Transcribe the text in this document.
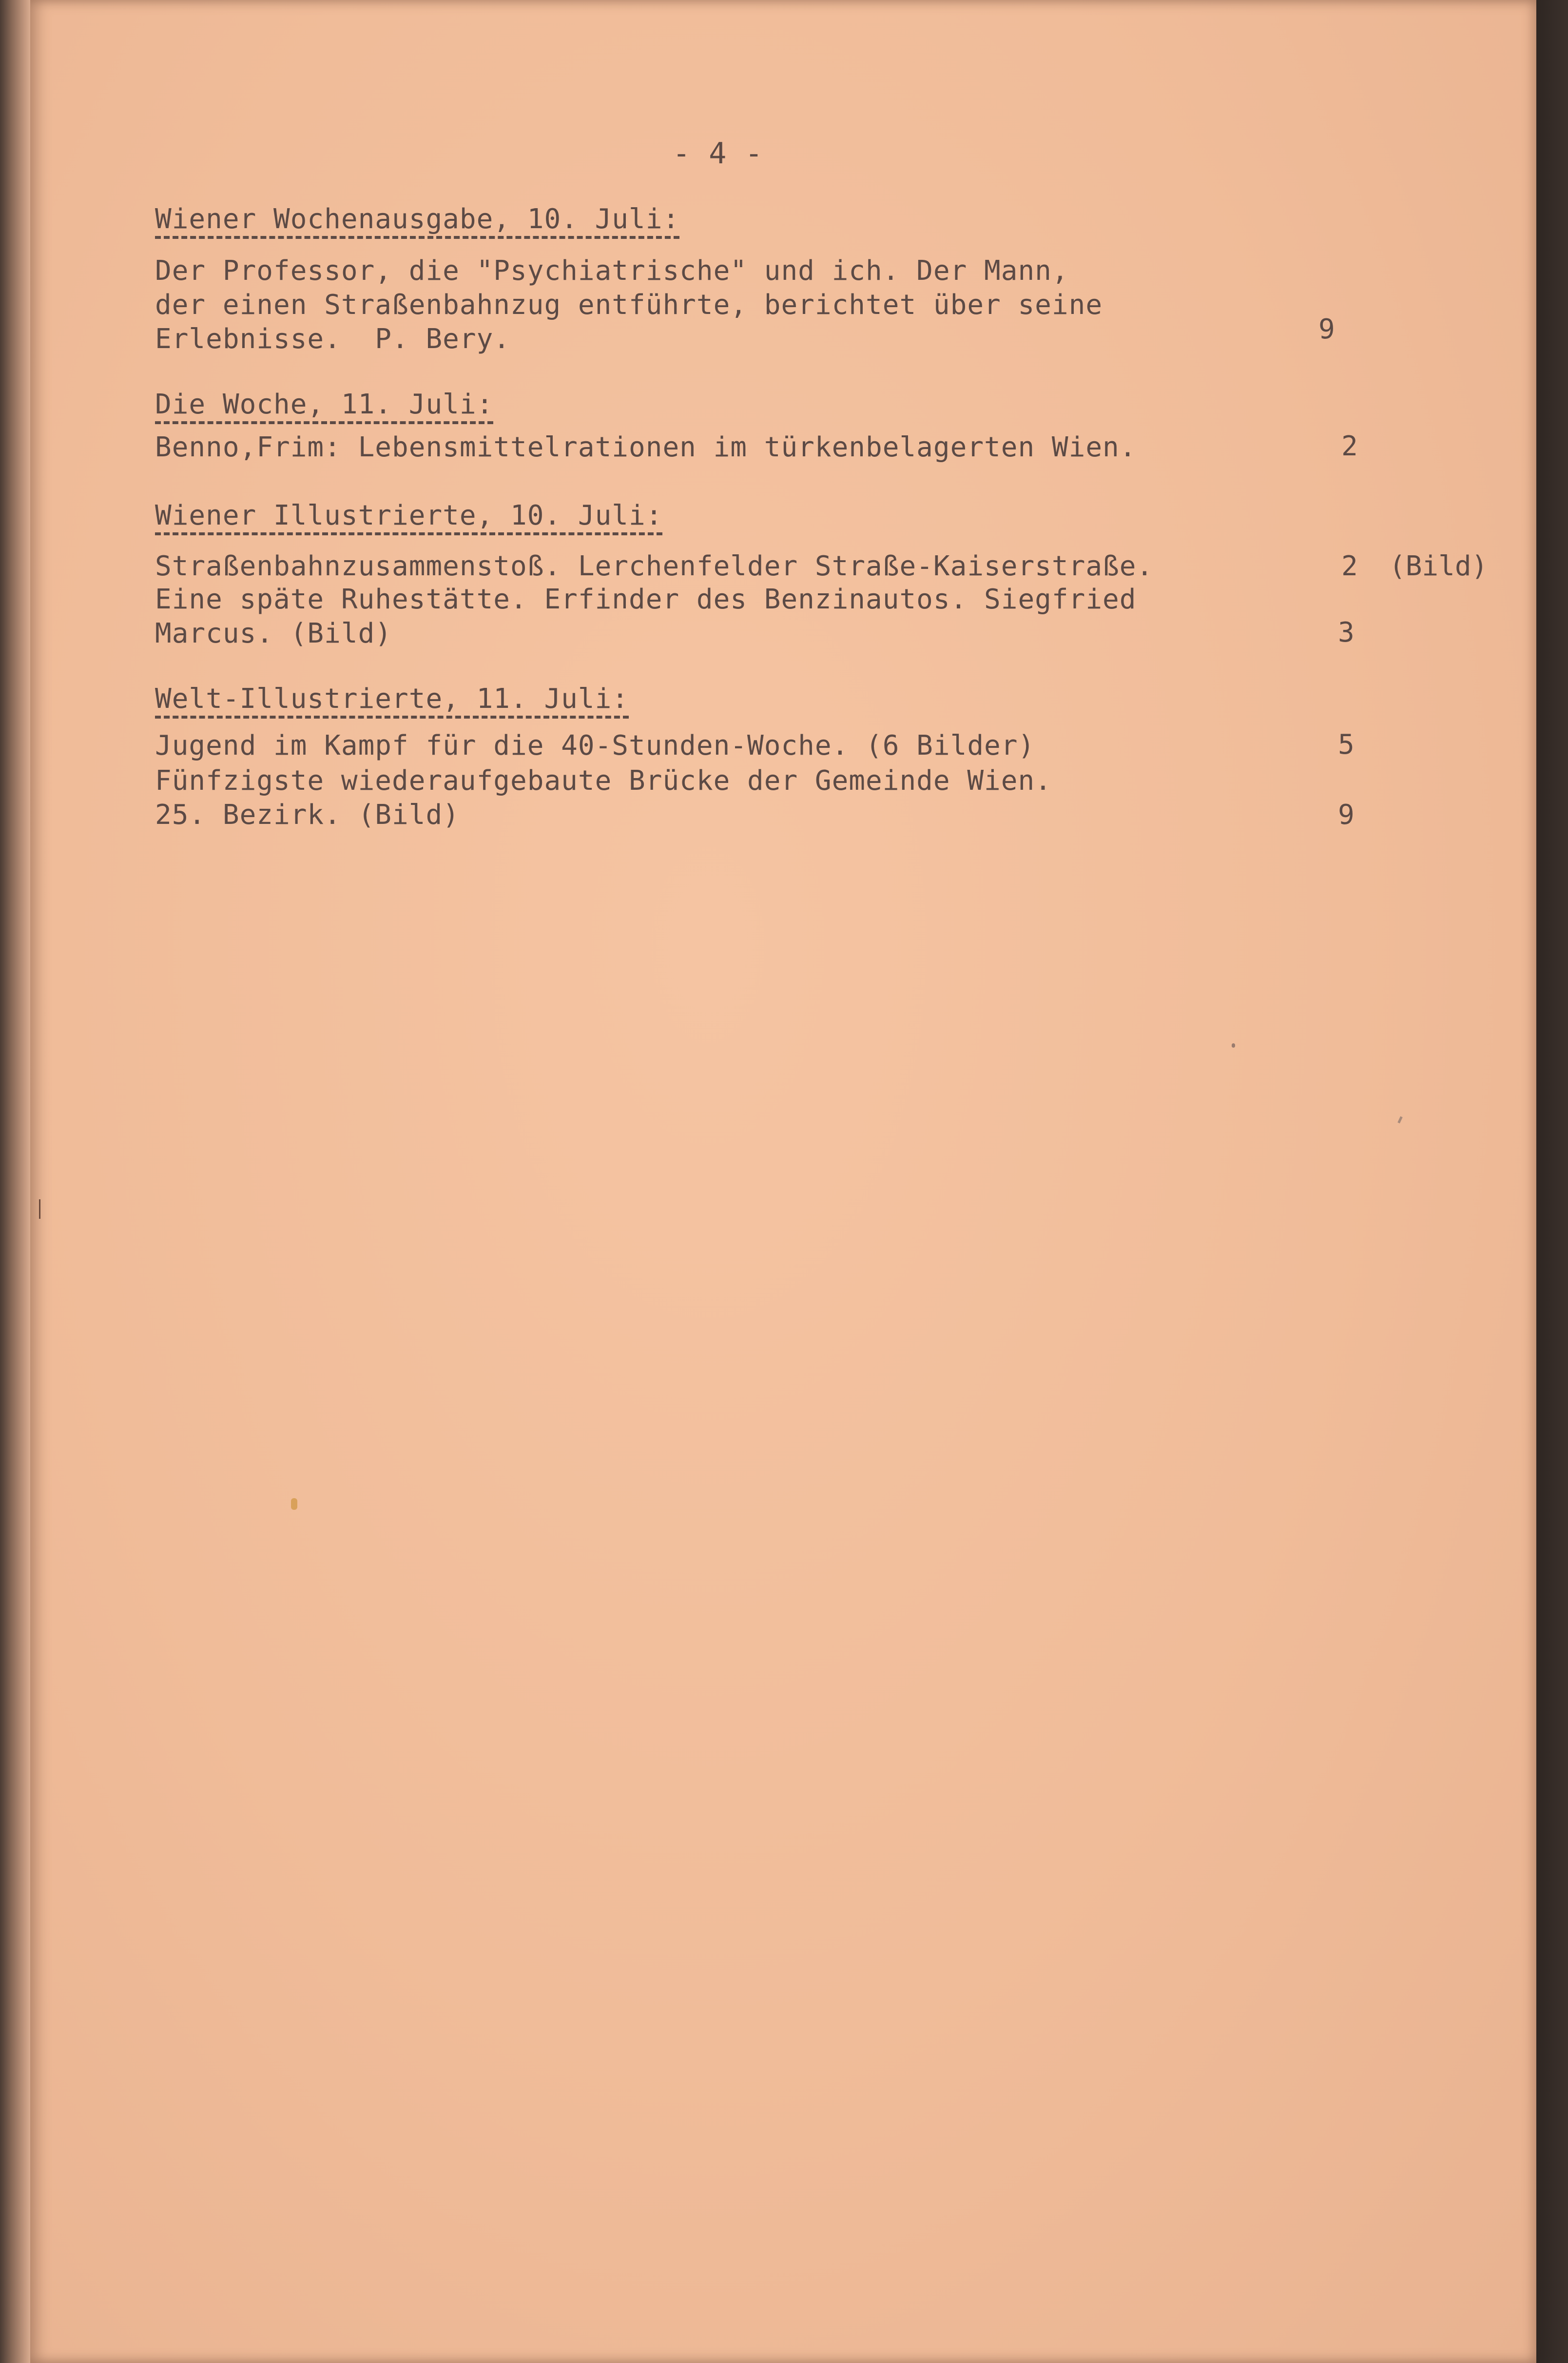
- 4 -
Wiener Wochenausgabe, 10. Juli:
Der Professor, die "Psychiatrische" und ich. Der Mann,
der einen Straßenbahnzug entführte, berichtet über seine
Erlebnisse.  P. Bery.	9
Die Woche, 11. Juli:
Benno,Frim: Lebensmittelrationen im türkenbelagerten Wien.	2
Wiener Illustrierte, 10. Juli:
Straßenbahnzusammenstoß. Lerchenfelder Straße-Kaiserstraße.
Eine späte Ruhestätte. Erfinder des Benzinautos. Siegfried
Marcus. (Bild)
2 (Bild)
3
Welt-Illustrierte, 11. Juli:
Jugend im Kampf für die 40-Stunden-Woche. (6 Bilder)
Fünfzigste wiederaufgebaute Brücke der Gemeinde Wien.
25. Bezirk. (Bild)
5
9
